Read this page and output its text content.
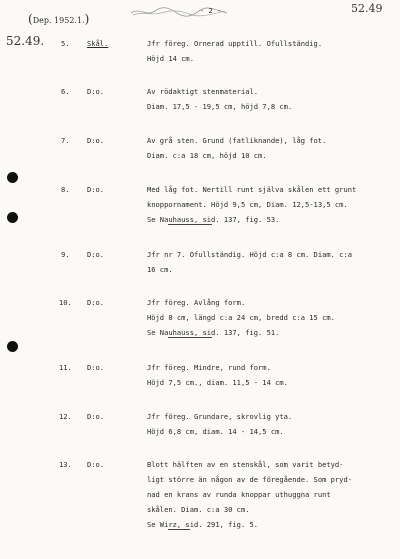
(Dep. 1952.1.)
- 2 -	52.49
52.49. 5. Skål.	Jfr föreg. Ornerad upptill. Ofullständig.
Höjd 14 cm.
6. D:o.	Av rödaktigt stenmaterial.
Diam. 17,5 - 19,5 cm, höjd 7,8 cm.
7. D:o.	Av grå sten. Grund (fatliknande), låg fot.
Diam. c:a 18 cm, höjd 10 cm.
8. D:o.	Med låg fot. Nertill runt själva skålen ett grunt
knoppornament. Höjd 9,5 cm, Diam. 12,5-13,5 cm.
Se Nauhauss, sid. 137, fig. 53.
9. D:o.	Jfr nr 7. Ofullständig. Höjd c:a 8 cm. Diam. c:a
16 cm.
10. D:o.	Jfr föreg. Avlång form.
Höjd 8 cm, längd c:a 24 cm, bredd c:a 15 cm.
Se Nauhauss, sid. 137, fig. 51.
11. D:o.	Jfr föreg. Mindre, rund form.
Höjd 7,5 cm., diam. 11,5 - 14 cm.
12. D:o.	Jfr föreg. Grundare, skrovlig yta.
Höjd 6,8 cm, diam. 14 - 14,5 cm.
13. D:o.	Blott hälften av en stenskål, som varit betyd-
ligt större än någon av de föregående. Som pryd-
nad en krans av runda knoppar uthuggna runt
skålen. Diam. c:a 30 cm.
Se Wirz, sid. 291, fig. 5.
